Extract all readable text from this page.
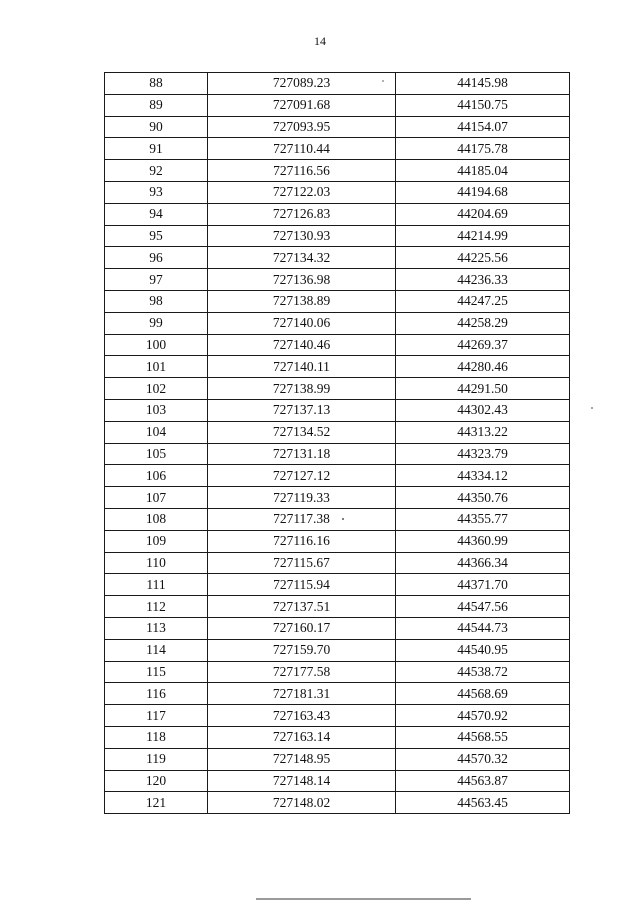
14
88	727089.23	44145.98
89	727091.68	44150.75
90	727093.95	44154.07
91	727110.44	44175.78
92	727116.56	44185.04
93	727122.03	44194.68
94	727126.83	44204.69
95	727130.93	44214.99
96	727134.32	44225.56
97	727136.98	44236.33
98	727138.89	44247.25
99	727140.06	44258.29
100	727140.46	44269.37
101	727140.11	44280.46
102	727138.99	44291.50
103	727137.13	44302.43
104	727134.52	44313.22
105	727131.18	44323.79
106	727127.12	44334.12
107	727119.33	44350.76
108	727117.38	44355.77
109	727116.16	44360.99
110	727115.67	44366.34
111	727115.94	44371.70
112	727137.51	44547.56
113	727160.17	44544.73
114	727159.70	44540.95
115	727177.58	44538.72
116	727181.31	44568.69
117	727163.43	44570.92
118	727163.14	44568.55
119	727148.95	44570.32
120	727148.14	44563.87
121	727148.02	44563.45
